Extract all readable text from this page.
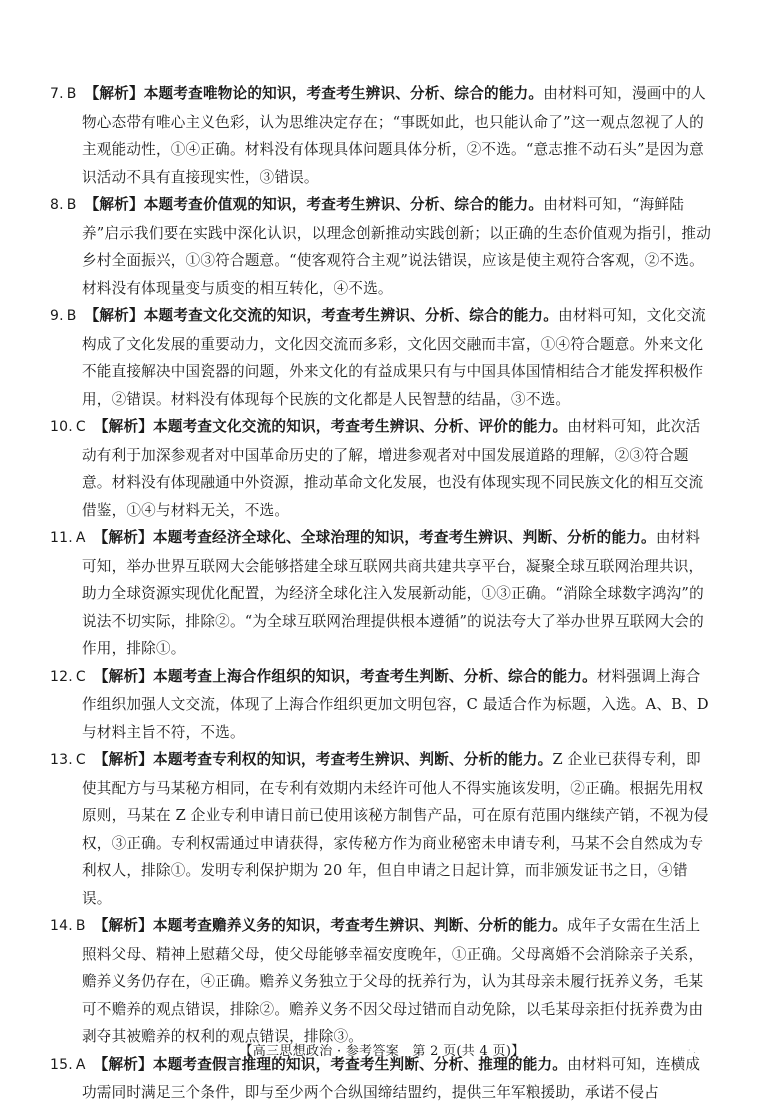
7. B 【解析】本题考查唯物论的知识，考查考生辨识、分析、综合的能力。由材料可知，漫画中的人物心态带有唯心主义色彩，认为思维决定存在；“事既如此，也只能认命了”这一观点忽视了人的主观能动性，①④正确。材料没有体现具体问题具体分析，②不选。“意志推不动石头”是因为意识活动不具有直接现实性，③错误。

8. B 【解析】本题考查价值观的知识，考查考生辨识、分析、综合的能力。由材料可知，“海鲜陆养”启示我们要在实践中深化认识，以理念创新推动实践创新；以正确的生态价值观为指引，推动乡村全面振兴，①③符合题意。“使客观符合主观”说法错误，应该是使主观符合客观，②不选。材料没有体现量变与质变的相互转化，④不选。

9. B 【解析】本题考查文化交流的知识，考查考生辨识、分析、综合的能力。由材料可知，文化交流构成了文化发展的重要动力，文化因交流而多彩，文化因交融而丰富，①④符合题意。外来文化不能直接解决中国瓷器的问题，外来文化的有益成果只有与中国具体国情相结合才能发挥积极作用，②错误。材料没有体现每个民族的文化都是人民智慧的结晶，③不选。

10. C 【解析】本题考查文化交流的知识，考查考生辨识、分析、评价的能力。由材料可知，此次活动有利于加深参观者对中国革命历史的了解，增进参观者对中国发展道路的理解，②③符合题意。材料没有体现融通中外资源，推动革命文化发展，也没有体现实现不同民族文化的相互交流借鉴，①④与材料无关，不选。

11. A 【解析】本题考查经济全球化、全球治理的知识，考查考生辨识、判断、分析的能力。由材料可知，举办世界互联网大会能够搭建全球互联网共商共建共享平台，凝聚全球互联网治理共识，助力全球资源实现优化配置，为经济全球化注入发展新动能，①③正确。“消除全球数字鸿沟”的说法不切实际，排除②。“为全球互联网治理提供根本遵循”的说法夸大了举办世界互联网大会的作用，排除①。

12. C 【解析】本题考查上海合作组织的知识，考查考生判断、分析、综合的能力。材料强调上海合作组织加强人文交流，体现了上海合作组织更加文明包容，C 最适合作为标题，入选。A、B、D 与材料主旨不符，不选。

13. C 【解析】本题考查专利权的知识，考查考生辨识、判断、分析的能力。Z 企业已获得专利，即使其配方与马某秘方相同，在专利有效期内未经许可他人不得实施该发明，②正确。根据先用权原则，马某在 Z 企业专利申请日前已使用该秘方制售产品，可在原有范围内继续产销，不视为侵权，③正确。专利权需通过申请获得，家传秘方作为商业秘密未申请专利，马某不会自然成为专利权人，排除①。发明专利保护期为 20 年，但自申请之日起计算，而非颁发证书之日，④错误。

14. B 【解析】本题考查赡养义务的知识，考查考生辨识、判断、分析的能力。成年子女需在生活上照料父母、精神上慰藉父母，使父母能够幸福安度晚年，①正确。父母离婚不会消除亲子关系，赡养义务仍存在，④正确。赡养义务独立于父母的抚养行为，认为其母亲未履行抚养义务，毛某可不赡养的观点错误，排除②。赡养义务不因父母过错而自动免除，以毛某母亲拒付抚养费为由剥夺其被赡养的权利的观点错误，排除③。

15. A 【解析】本题考查假言推理的知识，考查考生判断、分析、推理的能力。由材料可知，连横成功需同时满足三个条件，即与至少两个合纵国缔结盟约，提供三年军粮援助，承诺不侵占

【高三思想政治 · 参考答案　第 2 页(共 4 页)】	· .
